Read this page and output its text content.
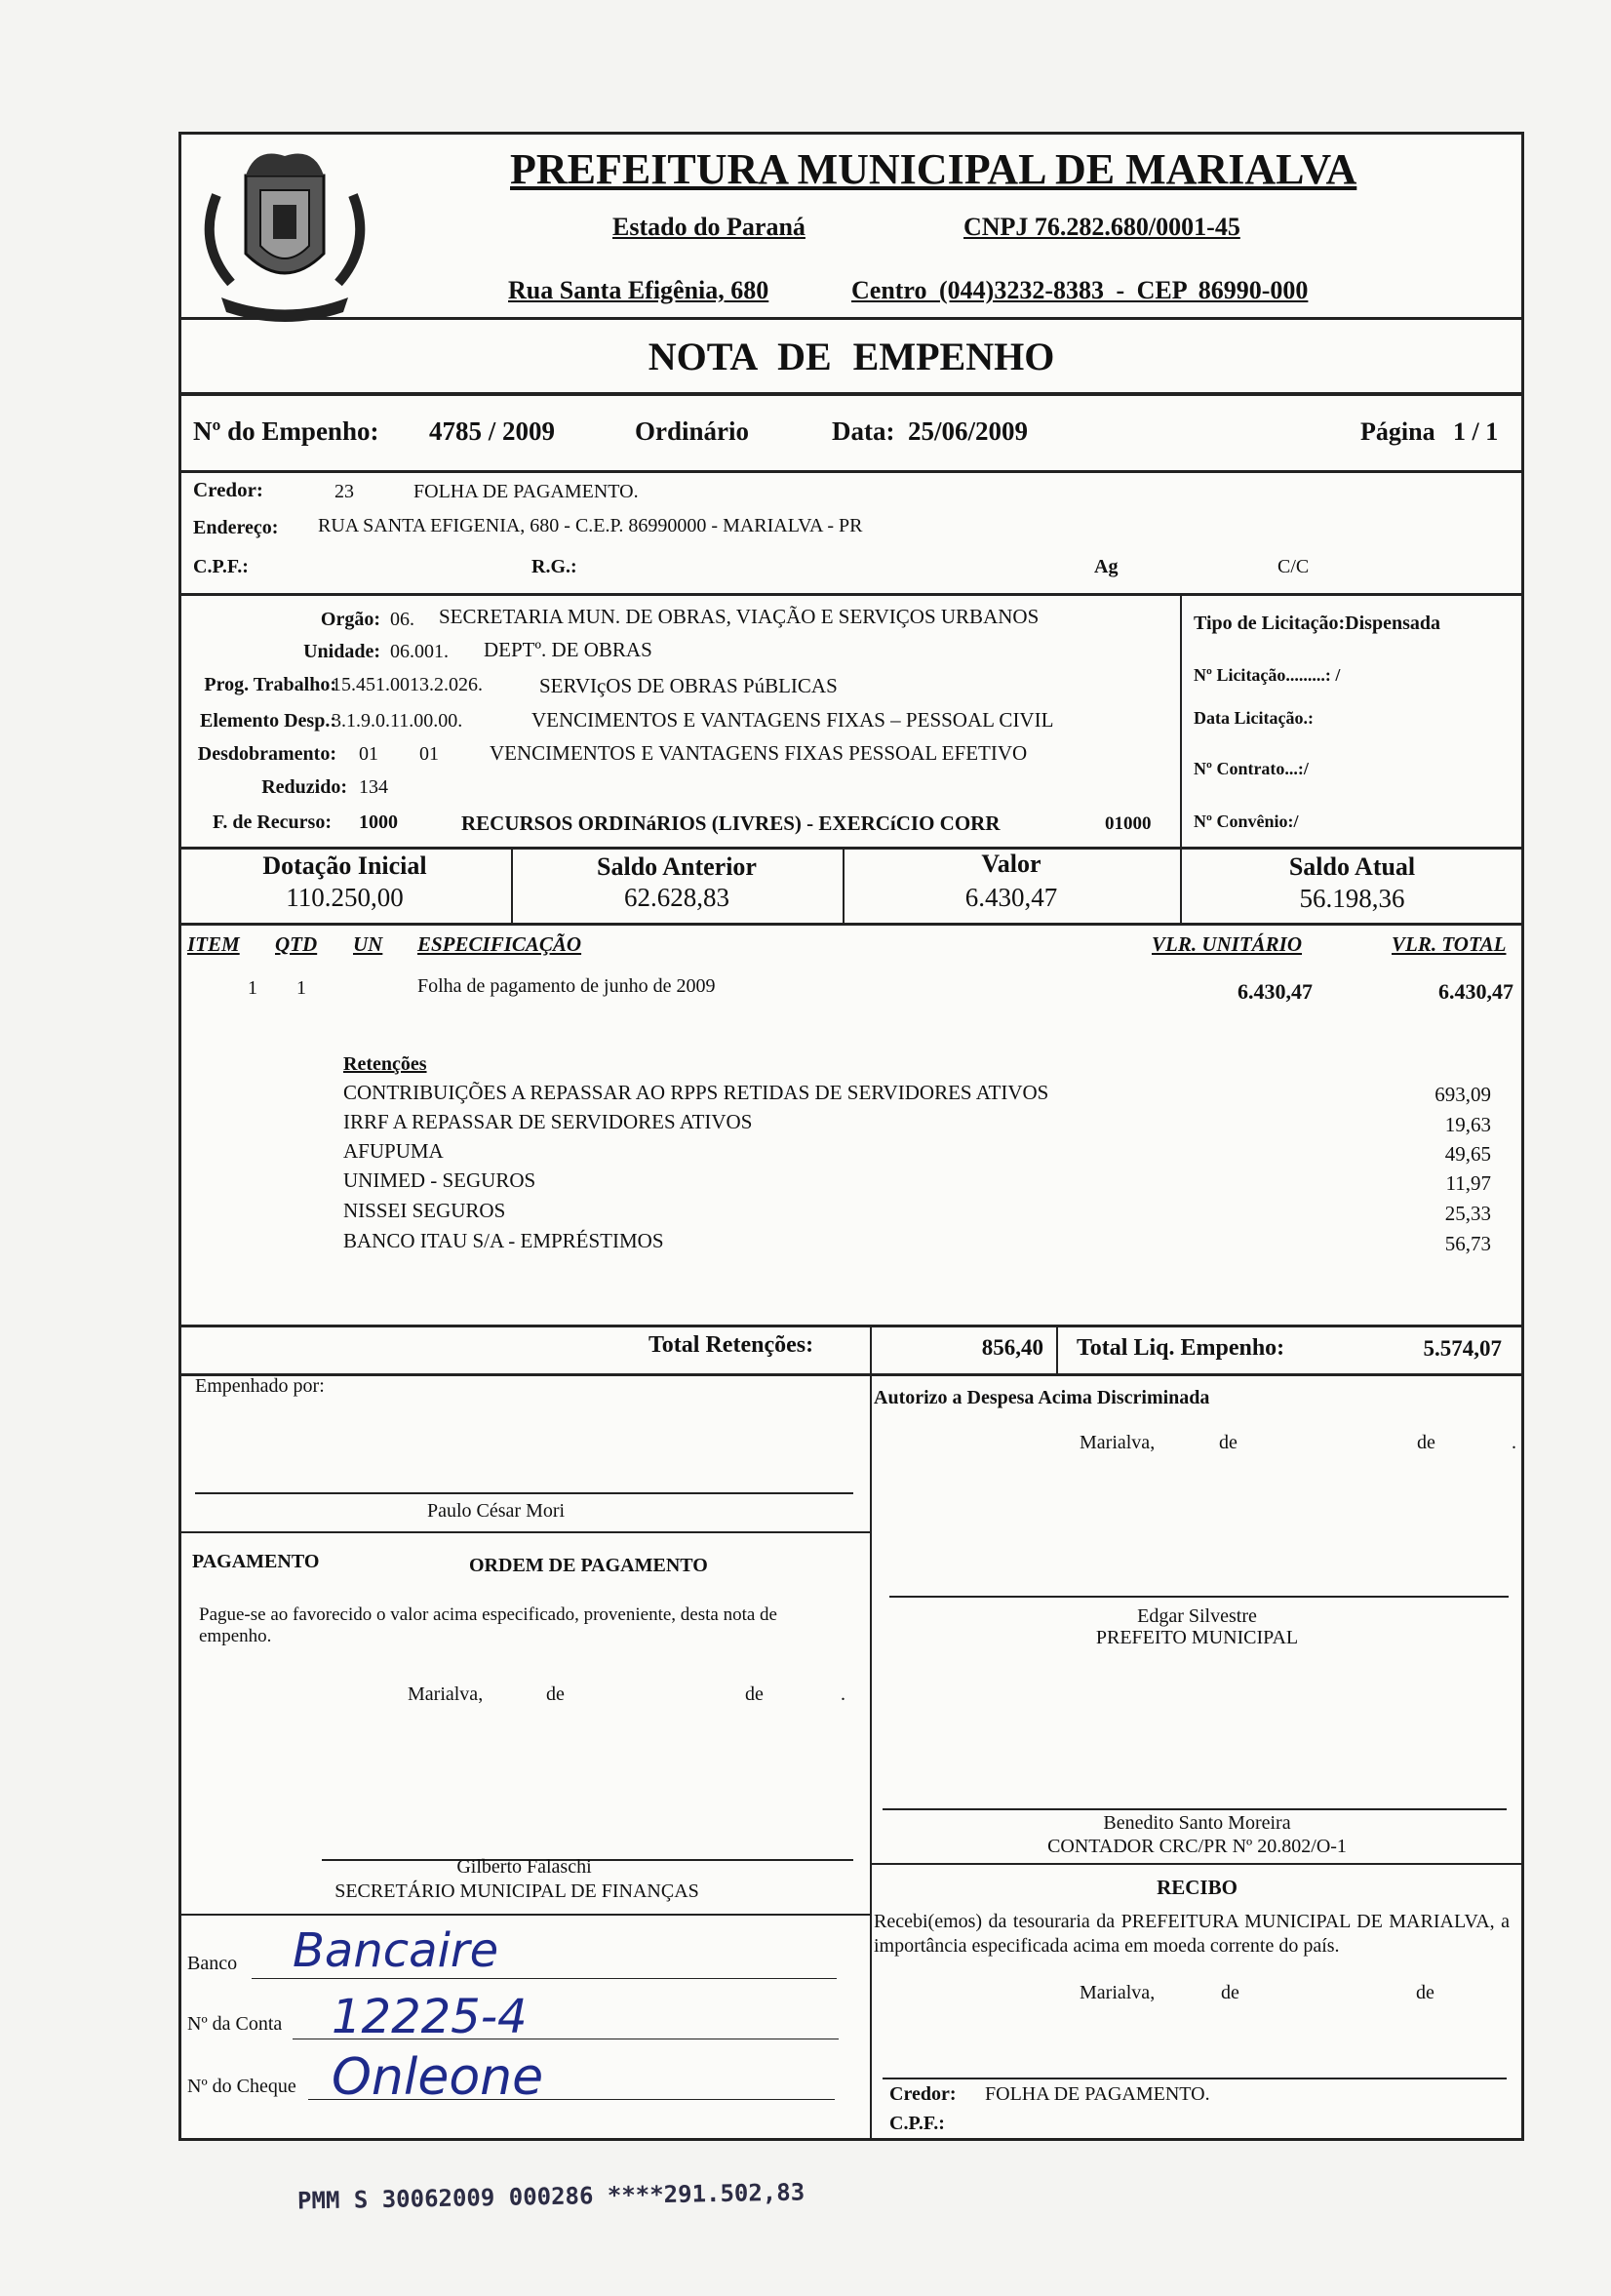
PREFEITURA MUNICIPAL DE MARIALVA
Estado do Paraná	CNPJ 76.282.680/0001-45
Rua Santa Efigênia, 680	Centro (044)3232-8383 - CEP 86990-000
NOTA DE EMPENHO
Nº do Empenho: 4785 / 2009	Ordinário	Data: 25/06/2009	Página 1 / 1
Credor:	23	FOLHA DE PAGAMENTO.
Endereço: RUA SANTA EFIGENIA, 680 - C.E.P. 86990000 - MARIALVA - PR
C.P.F.:	R.G.:	Ag	C/C
Orgão: 06. SECRETARIA MUN. DE OBRAS, VIAÇÃO E SERVIÇOS URBANOS
Unidade: 06.001. DEPTº. DE OBRAS
Prog. Trabalho:
15.451.0013.2.026.	SERVIçOS DE OBRAS PúBLICAS
Elemento Desp.:
3.1.9.0.11.00.00.	VENCIMENTOS E VANTAGENS FIXAS – PESSOAL CIVIL
Desdobramento: 01 01 VENCIMENTOS E VANTAGENS FIXAS PESSOAL EFETIVO
Reduzido: 134
F. de Recurso: 1000	RECURSOS ORDINáRIOS (LIVRES) - EXERCíCIO CORR	01000
Tipo de Licitação:Dispensada
Nº Licitação.........: /
Data Licitação.:
Nº Contrato...:/
Nº Convênio:/
Dotação Inicial
110.250,00
Saldo Anterior
62.628,83
Valor
6.430,47
Saldo Atual
56.198,36
ITEM QTD UN ESPECIFICAÇÃO	VLR. UNITÁRIO	VLR. TOTAL
1 1	Folha de pagamento de junho de 2009	6.430,47	6.430,47
Retenções
CONTRIBUIÇÕES A REPASSAR AO RPPS RETIDAS DE SERVIDORES ATIVOS	693,09
IRRF A REPASSAR DE SERVIDORES ATIVOS	19,63
AFUPUMA	49,65
UNIMED - SEGUROS	11,97
NISSEI SEGUROS	25,33
BANCO ITAU S/A - EMPRÉSTIMOS	56,73
Total Retenções:	856,40 Total Liq. Empenho:	5.574,07
Empenhado por:
Paulo César Mori
PAGAMENTO	ORDEM DE PAGAMENTO
Pague-se ao favorecido o valor acima especificado, proveniente, desta nota de empenho.
Marialva,	de	de	.
Gilberto Falaschi
SECRETÁRIO MUNICIPAL DE FINANÇAS
Banco Bancaire
Nº da Conta 12225-4
Nº do Cheque Onleone
Autorizo a Despesa Acima Discriminada
Marialva,	de	de	.
Edgar Silvestre
PREFEITO MUNICIPAL
Benedito Santo Moreira
CONTADOR CRC/PR Nº 20.802/O-1
RECIBO
Recebi(emos) da tesouraria da PREFEITURA MUNICIPAL DE MARIALVA, a importância especificada acima em moeda corrente do país.
Marialva,	de	de
Credor: FOLHA DE PAGAMENTO.
C.P.F.:
PMM S 30062009 000286 ****291.502,83
